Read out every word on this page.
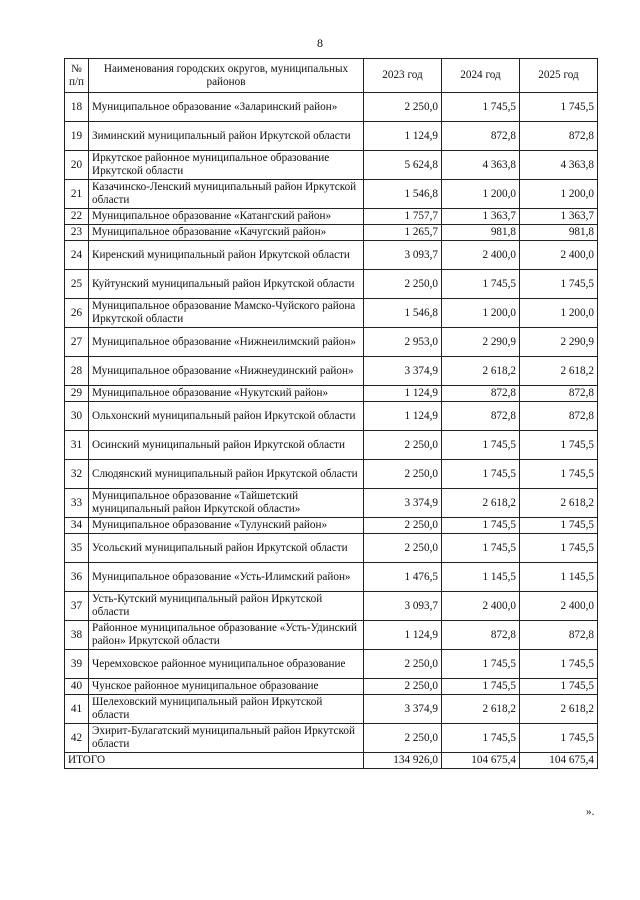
8
№ п/п	Наименования городских округов, муниципальных районов	2023 год	2024 год	2025 год
18	Муниципальное образование «Заларинский район»	2 250,0	1 745,5	1 745,5
19	Зиминский муниципальный район Иркутской области	1 124,9	872,8	872,8
20	Иркутское районное муниципальное образование Иркутской области	5 624,8	4 363,8	4 363,8
21	Казачинско-Ленский муниципальный район Иркутской области	1 546,8	1 200,0	1 200,0
22	Муниципальное образование «Катангский район»	1 757,7	1 363,7	1 363,7
23	Муниципальное образование «Качугский район»	1 265,7	981,8	981,8
24	Киренский муниципальный район Иркутской области	3 093,7	2 400,0	2 400,0
25	Куйтунский муниципальный район Иркутской области	2 250,0	1 745,5	1 745,5
26	Муниципальное образование Мамско-Чуйского района Иркутской области	1 546,8	1 200,0	1 200,0
27	Муниципальное образование «Нижнеилимский район»	2 953,0	2 290,9	2 290,9
28	Муниципальное образование «Нижнеудинский район»	3 374,9	2 618,2	2 618,2
29	Муниципальное образование «Нукутский район»	1 124,9	872,8	872,8
30	Ольхонский муниципальный район Иркутской области	1 124,9	872,8	872,8
31	Осинский муниципальный район Иркутской области	2 250,0	1 745,5	1 745,5
32	Слюдянский муниципальный район Иркутской области	2 250,0	1 745,5	1 745,5
33	Муниципальное образование «Тайшетский муниципальный район Иркутской области»	3 374,9	2 618,2	2 618,2
34	Муниципальное образование «Тулунский район»	2 250,0	1 745,5	1 745,5
35	Усольский муниципальный район Иркутской области	2 250,0	1 745,5	1 745,5
36	Муниципальное образование «Усть-Илимский район»	1 476,5	1 145,5	1 145,5
37	Усть-Кутский муниципальный район Иркутской области	3 093,7	2 400,0	2 400,0
38	Районное муниципальное образование «Усть-Удинский район» Иркутской области	1 124,9	872,8	872,8
39	Черемховское районное муниципальное образование	2 250,0	1 745,5	1 745,5
40	Чунское районное муниципальное образование	2 250,0	1 745,5	1 745,5
41	Шелеховский муниципальный район Иркутской области	3 374,9	2 618,2	2 618,2
42	Эхирит-Булагатский муниципальный район Иркутской области	2 250,0	1 745,5	1 745,5
ИТОГО		134 926,0	104 675,4	104 675,4
».
